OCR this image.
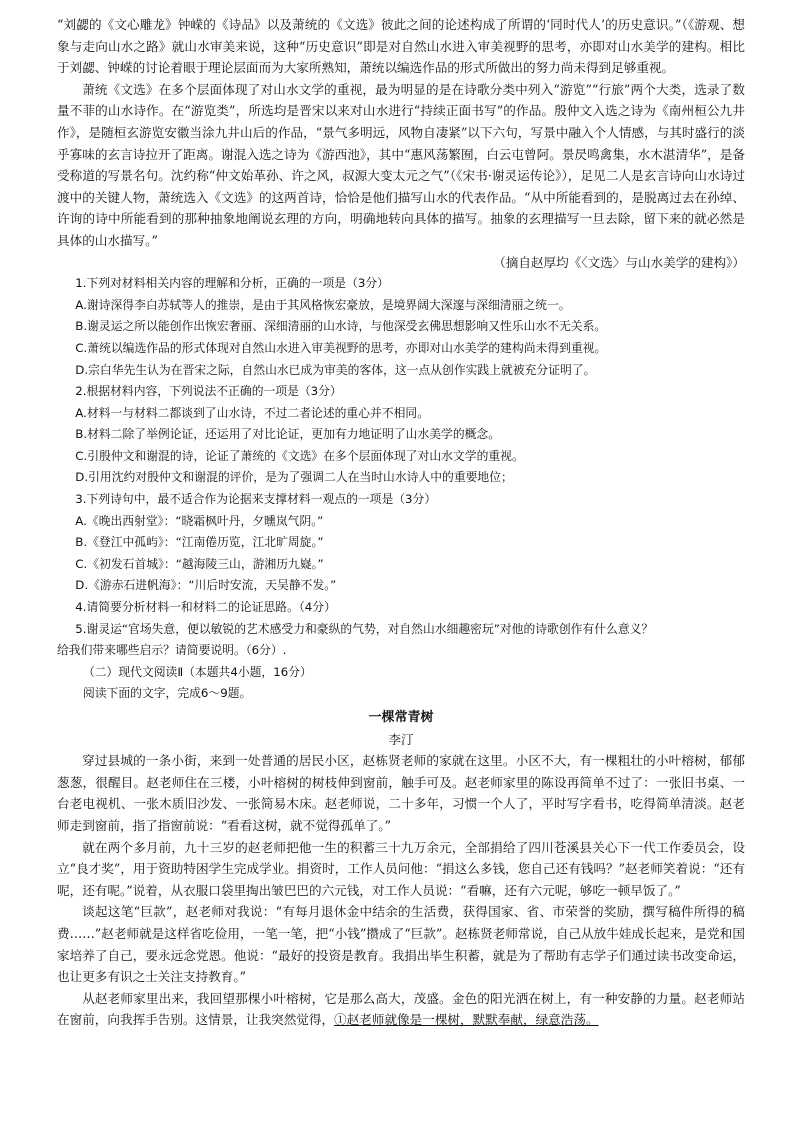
“刘勰的《文心雕龙》钟嵘的《诗品》以及萧统的《文选》彼此之间的论述构成了所谓的‘同时代人’的历史意识。”（《游观、想象与走向山水之路》就山水审美来说，这种“历史意识”即是对自然山水进入审美视野的思考，亦即对山水美学的建构。相比于刘勰、钟嵘的讨论着眼于理论层面而为大家所熟知，萧统以编选作品的形式所做出的努力尚未得到足够重视。

萧统《文选》在多个层面体现了对山水文学的重视，最为明显的是在诗歌分类中列入“游览”“行旅”两个大类，选录了数量不菲的山水诗作。在“游览类”，所选均是晋宋以来对山水进行“持续正面书写”的作品。殷仲文入选之诗为《南州桓公九井作》，是随桓玄游览安徽当涂九井山后的作品，“景气多明远，风物自凄紧”以下六句，写景中融入个人情感，与其时盛行的淡乎寡味的玄言诗拉开了距离。谢混入选之诗为《游西池》，其中“惠风荡繁囿，白云屯曾阿。景昃鸣禽集，水木湛清华”，是备受称道的写景名句。沈约称“仲文始革孙、许之风，叔源大变太元之气”（《宋书·谢灵运传论》），足见二人是玄言诗向山水诗过渡中的关键人物，萧统选入《文选》的这两首诗，恰恰是他们描写山水的代表作品。“从中所能看到的，是脱离过去在孙绰、许询的诗中所能看到的那种抽象地阐说玄理的方向，明确地转向具体的描写。抽象的玄理描写一旦去除，留下来的就必然是具体的山水描写。”

（摘自赵厚均《〈文选〉与山水美学的建构》）

1.下列对材料相关内容的理解和分析，正确的一项是（3分）

A.谢诗深得李白苏轼等人的推崇，是由于其风格恢宏豪放，是境界阔大深邃与深细清丽之统一。

B.谢灵运之所以能创作出恢宏奢丽、深细清丽的山水诗，与他深受玄佛思想影响又性乐山水不无关系。

C.萧统以编选作品的形式体现对自然山水进入审美视野的思考，亦即对山水美学的建构尚未得到重视。

D.宗白华先生认为在晋宋之际，自然山水已成为审美的客体，这一点从创作实践上就被充分证明了。

2.根据材料内容，下列说法不正确的一项是（3分）

A.材料一与材料二都谈到了山水诗，不过二者论述的重心并不相同。

B.材料二除了举例论证，还运用了对比论证，更加有力地证明了山水美学的概念。

C.引殷仲文和谢混的诗，论证了萧统的《文选》在多个层面体现了对山水文学的重视。

D.引用沈约对殷仲文和谢混的评价，是为了强调二人在当时山水诗人中的重要地位；

3.下列诗句中，最不适合作为论据来支撑材料一观点的一项是（3分）

A.《晚出西射堂》：“晓霜枫叶丹，夕曛岚气阴。”

B.《登江中孤屿》：“江南倦历览，江北旷周旋。”

C.《初发石首城》：“越海陵三山，游湘历九嶷。”

D.《游赤石进帆海》：“川后时安流，天吴静不发。”

4.请简要分析材料一和材料二的论证思路。（4分）

5.谢灵运“官场失意，便以敏锐的艺术感受力和豪纵的气势，对自然山水细趣密玩”对他的诗歌创作有什么意义？

给我们带来哪些启示？请简要说明。（6分）.

（二）现代文阅读Ⅱ（本题共4小题，16分）

阅读下面的文字，完成6～9题。

一棵常青树

李汀

穿过县城的一条小街，来到一处普通的居民小区，赵栋贤老师的家就在这里。小区不大，有一棵粗壮的小叶榕树，郁郁葱葱，很醒目。赵老师住在三楼，小叶榕树的树枝伸到窗前，触手可及。赵老师家里的陈设再简单不过了：一张旧书桌、一台老电视机、一张木质旧沙发、一张简易木床。赵老师说，二十多年，习惯一个人了，平时写字看书，吃得简单清淡。赵老师走到窗前，指了指窗前说：“看看这树，就不觉得孤单了。”

就在两个多月前，九十三岁的赵老师把他一生的积蓄三十九万余元，全部捐给了四川苍溪县关心下一代工作委员会，设立“良才奖”，用于资助特困学生完成学业。捐资时，工作人员问他：“捐这么多钱，您自己还有钱吗？”赵老师笑着说：“还有呢，还有呢。”说着，从衣服口袋里掏出皱巴巴的六元钱，对工作人员说：“看嘛，还有六元呢，够吃一顿早饭了。”

谈起这笔“巨款”，赵老师对我说：“有每月退休金中结余的生活费，获得国家、省、市荣誉的奖励，撰写稿件所得的稿费……”赵老师就是这样省吃俭用，一笔一笔，把“小钱”攒成了“巨款”。赵栋贤老师常说，自己从放牛娃成长起来，是党和国家培养了自己，要永远念党恩。他说：“最好的投资是教育。我捐出毕生积蓄，就是为了帮助有志学子们通过读书改变命运，也让更多有识之士关注支持教育。”

从赵老师家里出来，我回望那棵小叶榕树，它是那么高大，茂盛。金色的阳光洒在树上，有一种安静的力量。赵老师站在窗前，向我挥手告别。这情景，让我突然觉得，①赵老师就像是一棵树，默默奉献，绿意浩荡。
